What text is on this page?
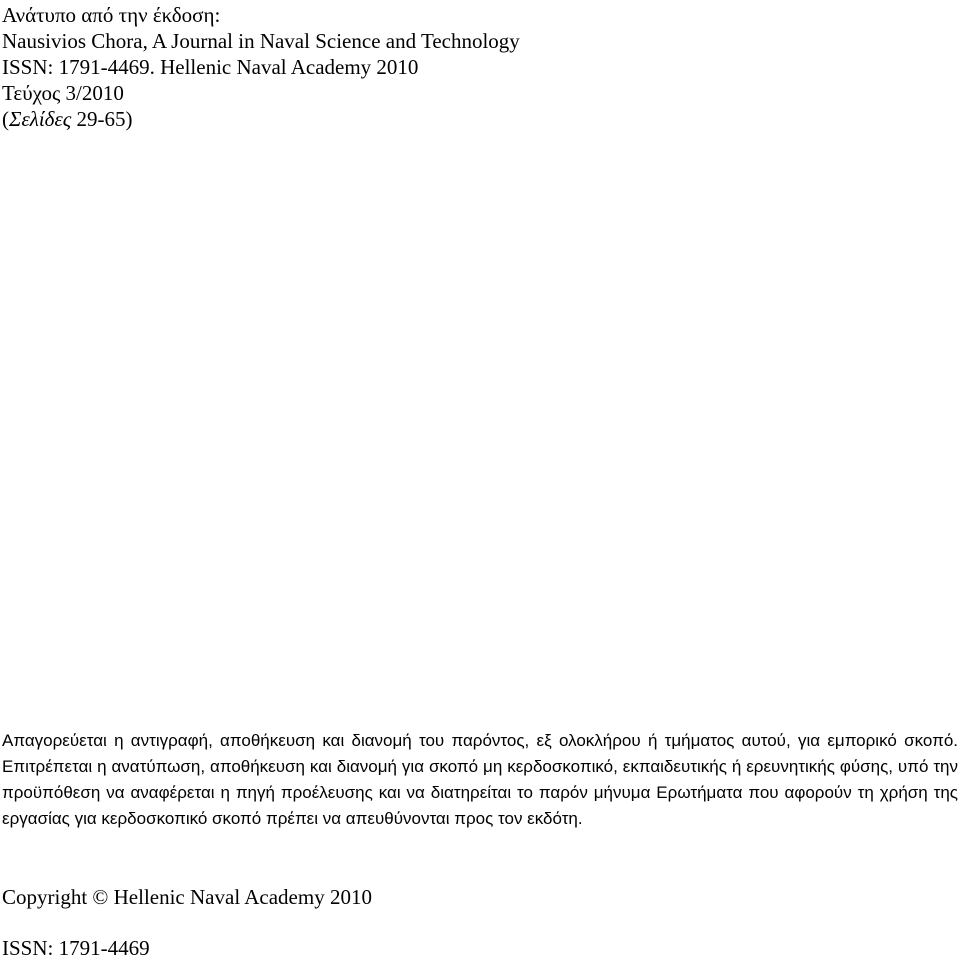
Ανάτυπο από την έκδοση:
Nausivios Chora, A Journal in Naval Science and Technology
ISSN: 1791-4469. Hellenic Naval Academy 2010
Τεύχος 3/2010
(Σελίδες 29-65)
Απαγορεύεται η αντιγραφή, αποθήκευση και διανομή του παρόντος, εξ ολοκλήρου ή τμήματος αυτού, για εμπορικό σκοπό. Επιτρέπεται η ανατύπωση, αποθήκευση και διανομή για σκοπό μη κερδοσκοπικό, εκπαιδευτικής ή ερευνητικής φύσης, υπό την προϋπόθεση να αναφέρεται η πηγή προέλευσης και να διατηρείται το παρόν μήνυμα Ερωτήματα που αφορούν τη χρήση της εργασίας για κερδοσκοπικό σκοπό πρέπει να απευθύνονται προς τον εκδότη.
Copyright © Hellenic Naval Academy 2010
ISSN: 1791-4469
